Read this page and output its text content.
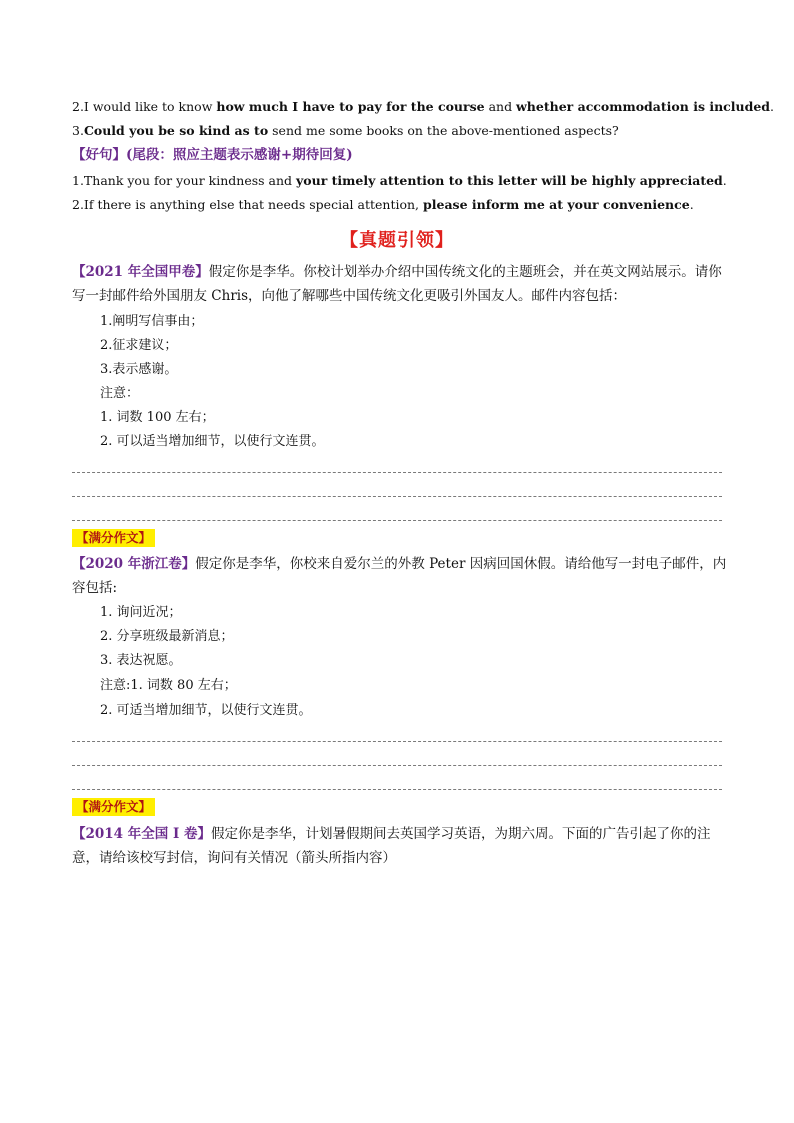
2.I would like to know how much I have to pay for the course and whether accommodation is included.
3.Could you be so kind as to send me some books on the above-mentioned aspects?
【好句】(尾段：照应主题表示感谢+期待回复)
1.Thank you for your kindness and your timely attention to this letter will be highly appreciated.
2.If there is anything else that needs special attention, please inform me at your convenience.
【真题引领】
【2021 年全国甲卷】假定你是李华。你校计划举办介绍中国传统文化的主题班会，并在英文网站展示。请你写一封邮件给外国朋友 Chris，向他了解哪些中国传统文化更吸引外国友人。邮件内容包括：
1.阐明写信事由；
2.征求建议；
3.表示感谢。
注意：
1. 词数 100 左右；
2. 可以适当增加细节，以使行文连贯。
【满分作文】
【2020 年浙江卷】假定你是李华，你校来自爱尔兰的外教 Peter 因病回国休假。请给他写一封电子邮件，内容包括:
1. 询问近况；
2. 分享班级最新消息；
3. 表达祝愿。
注意:1. 词数 80 左右；
2. 可适当增加细节，以使行文连贯。
【满分作文】
【2014 年全国 I 卷】假定你是李华，计划暑假期间去英国学习英语，为期六周。下面的广告引起了你的注意，请给该校写封信，询问有关情况（箭头所指内容）
